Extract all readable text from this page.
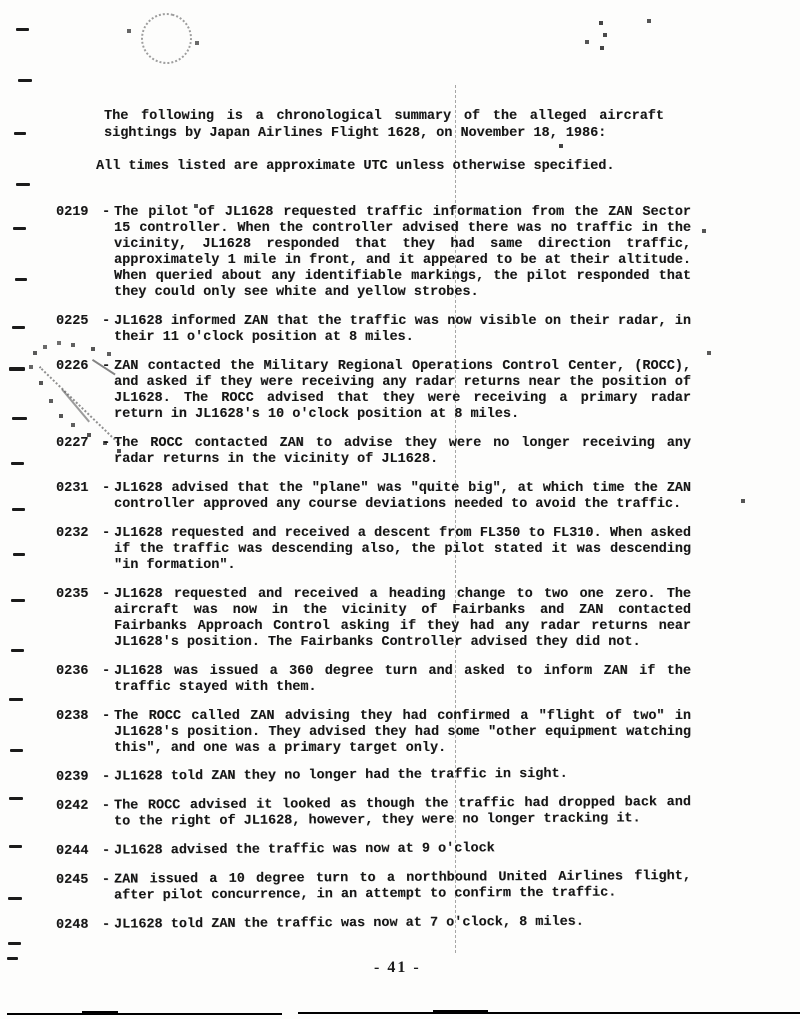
The following is a chronological summary of the alleged aircraft sightings by Japan Airlines Flight 1628, on November 18, 1986:
All times listed are approximate UTC unless otherwise specified.
0219	- The pilot of JL1628 requested traffic information from the ZAN Sector 15 controller. When the controller advised there was no traffic in the vicinity, JL1628 responded that they had same direction traffic, approximately 1 mile in front, and it appeared to be at their altitude. When queried about any identifiable markings, the pilot responded that they could only see white and yellow strobes.

0225	- JL1628 informed ZAN that the traffic was now visible on their radar, in their 11 o'clock position at 8 miles.

0226	- ZAN contacted the Military Regional Operations Control Center, (ROCC), and asked if they were receiving any radar returns near the position of JL1628. The ROCC advised that they were receiving a primary radar return in JL1628's 10 o'clock position at 8 miles.

0227	- The ROCC contacted ZAN to advise they were no longer receiving any radar returns in the vicinity of JL1628.

0231	- JL1628 advised that the "plane" was "quite big", at which time the ZAN controller approved any course deviations needed to avoid the traffic.

0232	- JL1628 requested and received a descent from FL350 to FL310. When asked if the traffic was descending also, the pilot stated it was descending "in formation".

0235	- JL1628 requested and received a heading change to two one zero. The aircraft was now in the vicinity of Fairbanks and ZAN contacted Fairbanks Approach Control asking if they had any radar returns near JL1628's position. The Fairbanks Controller advised they did not.

0236	- JL1628 was issued a 360 degree turn and asked to inform ZAN if the traffic stayed with them.

0238	- The ROCC called ZAN advising they had confirmed a "flight of two" in JL1628's position. They advised they had some "other equipment watching this", and one was a primary target only.

0239 - JL1628 told ZAN they no longer had the traffic in sight.

0242 - The ROCC advised it looked as though the traffic had dropped back and to the right of JL1628, however, they were no longer tracking it.

0244 - JL1628 advised the traffic was now at 9 o'clock

0245 - ZAN issued a 10 degree turn to a northbound United Airlines flight, after pilot concurrence, in an attempt to confirm the traffic.

0248 - JL1628 told ZAN the traffic was now at 7 o'clock, 8 miles.

- 41 -
